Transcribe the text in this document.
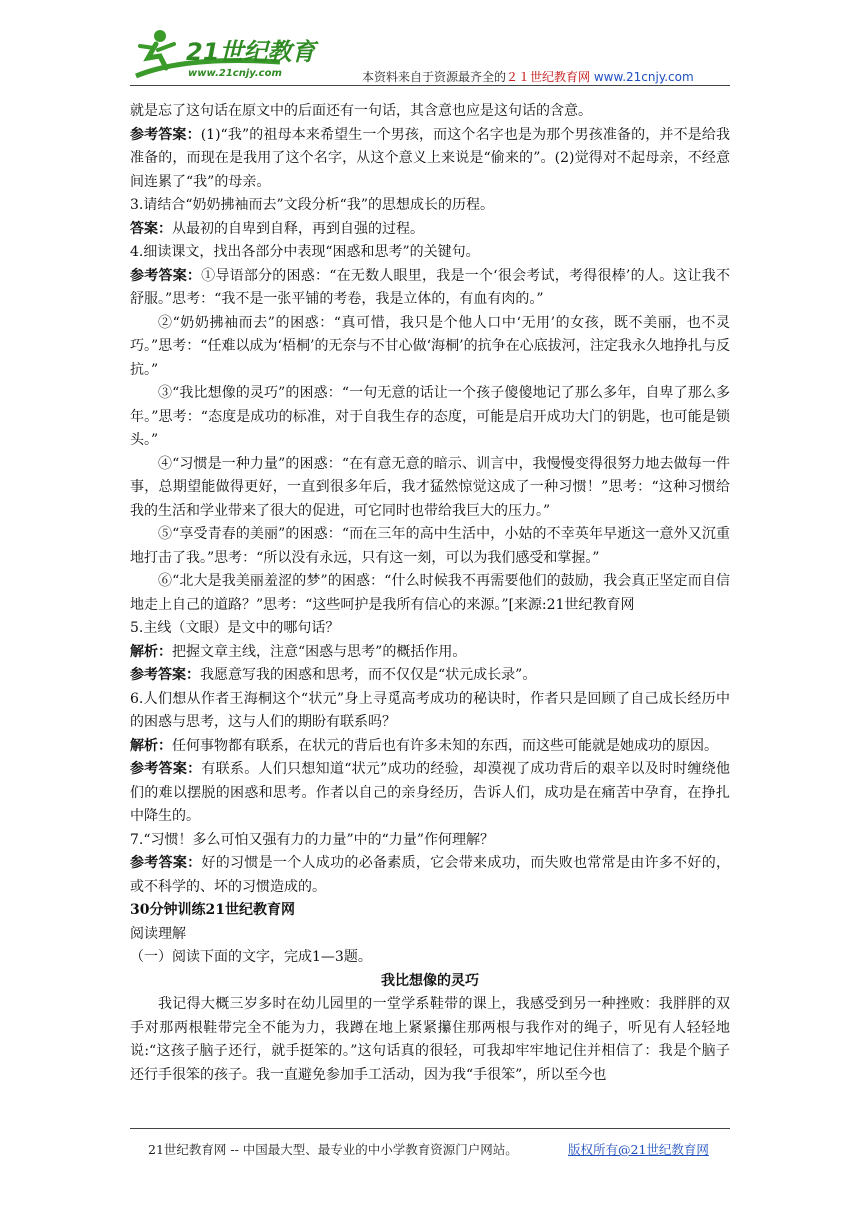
21世纪教育
www.21cnjy.com	本资料来自于资源最齐全的２１世纪教育网 www.21cnjy.com

就是忘了这句话在原文中的后面还有一句话，其含意也应是这句话的含意。

参考答案：(1)“我”的祖母本来希望生一个男孩，而这个名字也是为那个男孩准备的，并不是给我准备的，而现在是我用了这个名字，从这个意义上来说是“偷来的”。(2)觉得对不起母亲，不经意间连累了“我”的母亲。

3.请结合“奶奶拂袖而去”文段分析“我”的思想成长的历程。

答案：从最初的自卑到自释，再到自强的过程。

4.细读课文，找出各部分中表现“困惑和思考”的关键句。

参考答案：①导语部分的困惑：“在无数人眼里，我是一个‘很会考试，考得很棒’的人。这让我不舒服。”思考：“我不是一张平铺的考卷，我是立体的，有血有肉的。”

②“奶奶拂袖而去”的困惑：“真可惜，我只是个他人口中‘无用’的女孩，既不美丽，也不灵巧。”思考：“任难以成为‘梧桐’的无奈与不甘心做‘海桐’的抗争在心底拔河，注定我永久地挣扎与反抗。”

③“我比想像的灵巧”的困惑：“一句无意的话让一个孩子傻傻地记了那么多年，自卑了那么多年。”思考：“态度是成功的标准，对于自我生存的态度，可能是启开成功大门的钥匙，也可能是锁头。”

④“习惯是一种力量”的困惑：“在有意无意的暗示、训言中，我慢慢变得很努力地去做每一件事，总期望能做得更好，一直到很多年后，我才猛然惊觉这成了一种习惯！”思考：“这种习惯给我的生活和学业带来了很大的促进，可它同时也带给我巨大的压力。”

⑤“享受青春的美丽”的困惑：“而在三年的高中生活中，小姑的不幸英年早逝这一意外又沉重地打击了我。”思考：“所以没有永远，只有这一刻，可以为我们感受和掌握。”

⑥“北大是我美丽羞涩的梦”的困惑：“什么时候我不再需要他们的鼓励，我会真正坚定而自信地走上自己的道路？”思考：“这些呵护是我所有信心的来源。”[来源:21世纪教育网

5.主线（文眼）是文中的哪句话？

解析：把握文章主线，注意“困惑与思考”的概括作用。

参考答案：我愿意写我的困惑和思考，而不仅仅是“状元成长录”。

6.人们想从作者王海桐这个“状元”身上寻觅高考成功的秘诀时，作者只是回顾了自己成长经历中的困惑与思考，这与人们的期盼有联系吗？

解析：任何事物都有联系，在状元的背后也有许多未知的东西，而这些可能就是她成功的原因。

参考答案：有联系。人们只想知道“状元”成功的经验，却漠视了成功背后的艰辛以及时时缠绕他们的难以摆脱的困惑和思考。作者以自己的亲身经历，告诉人们，成功是在痛苦中孕育，在挣扎中降生的。

7.“习惯！多么可怕又强有力的力量”中的“力量”作何理解？

参考答案：好的习惯是一个人成功的必备素质，它会带来成功，而失败也常常是由许多不好的，或不科学的、坏的习惯造成的。

30分钟训练21世纪教育网

阅读理解

（一）阅读下面的文字，完成1—3题。

我比想像的灵巧

我记得大概三岁多时在幼儿园里的一堂学系鞋带的课上，我感受到另一种挫败：我胖胖的双手对那两根鞋带完全不能为力，我蹲在地上紧紧攥住那两根与我作对的绳子，听见有人轻轻地说:“这孩子脑子还行，就手挺笨的。”这句话真的很轻，可我却牢牢地记住并相信了：我是个脑子还行手很笨的孩子。我一直避免参加手工活动，因为我“手很笨”，所以至今也

21世纪教育网 -- 中国最大型、最专业的中小学教育资源门户网站。	版权所有@21世纪教育网
